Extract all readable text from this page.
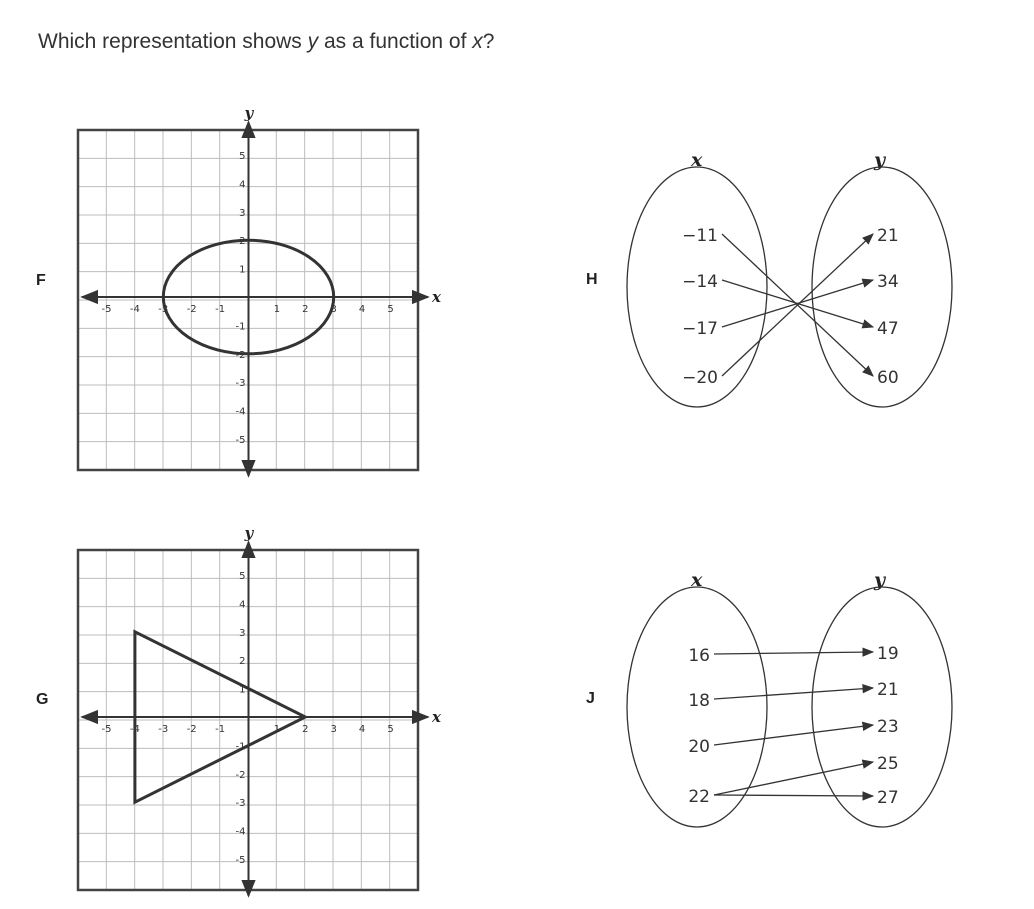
Which representation shows y as a function of x?
F
G
H
J
x
y
-5
-5
-4
-4
-3
-3
-2
-2
-1
-1
1
1
2
2
3
3
4
4
5
5
x
y
-5
-5
-4
-4
-3
-3
-2
-2
-1
-1
1
1
2
2
3
3
4
4
5
5
x	y
−11
−14
−17
−20
21
34
47
60
x	y
16
18
20
22
19
21
23
25
27
